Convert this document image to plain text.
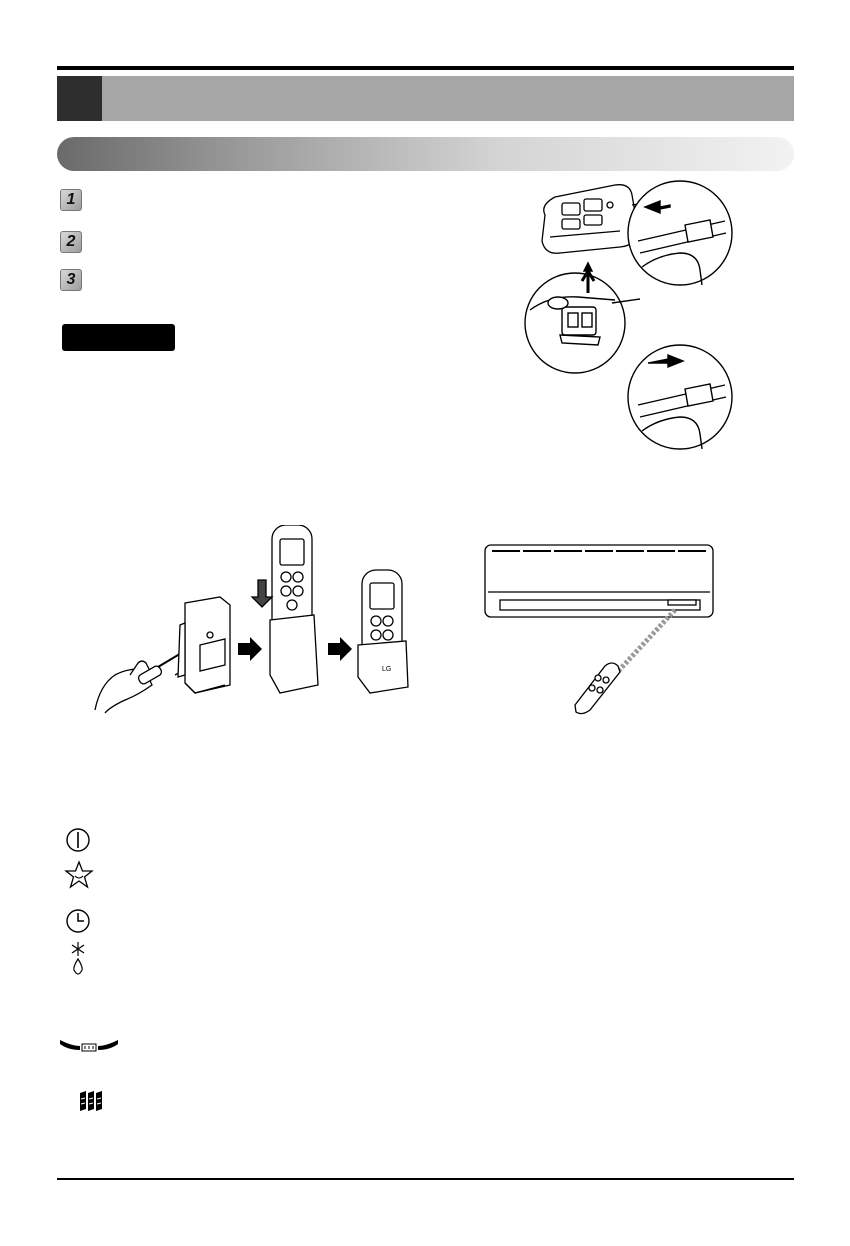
1
2
3
LG
